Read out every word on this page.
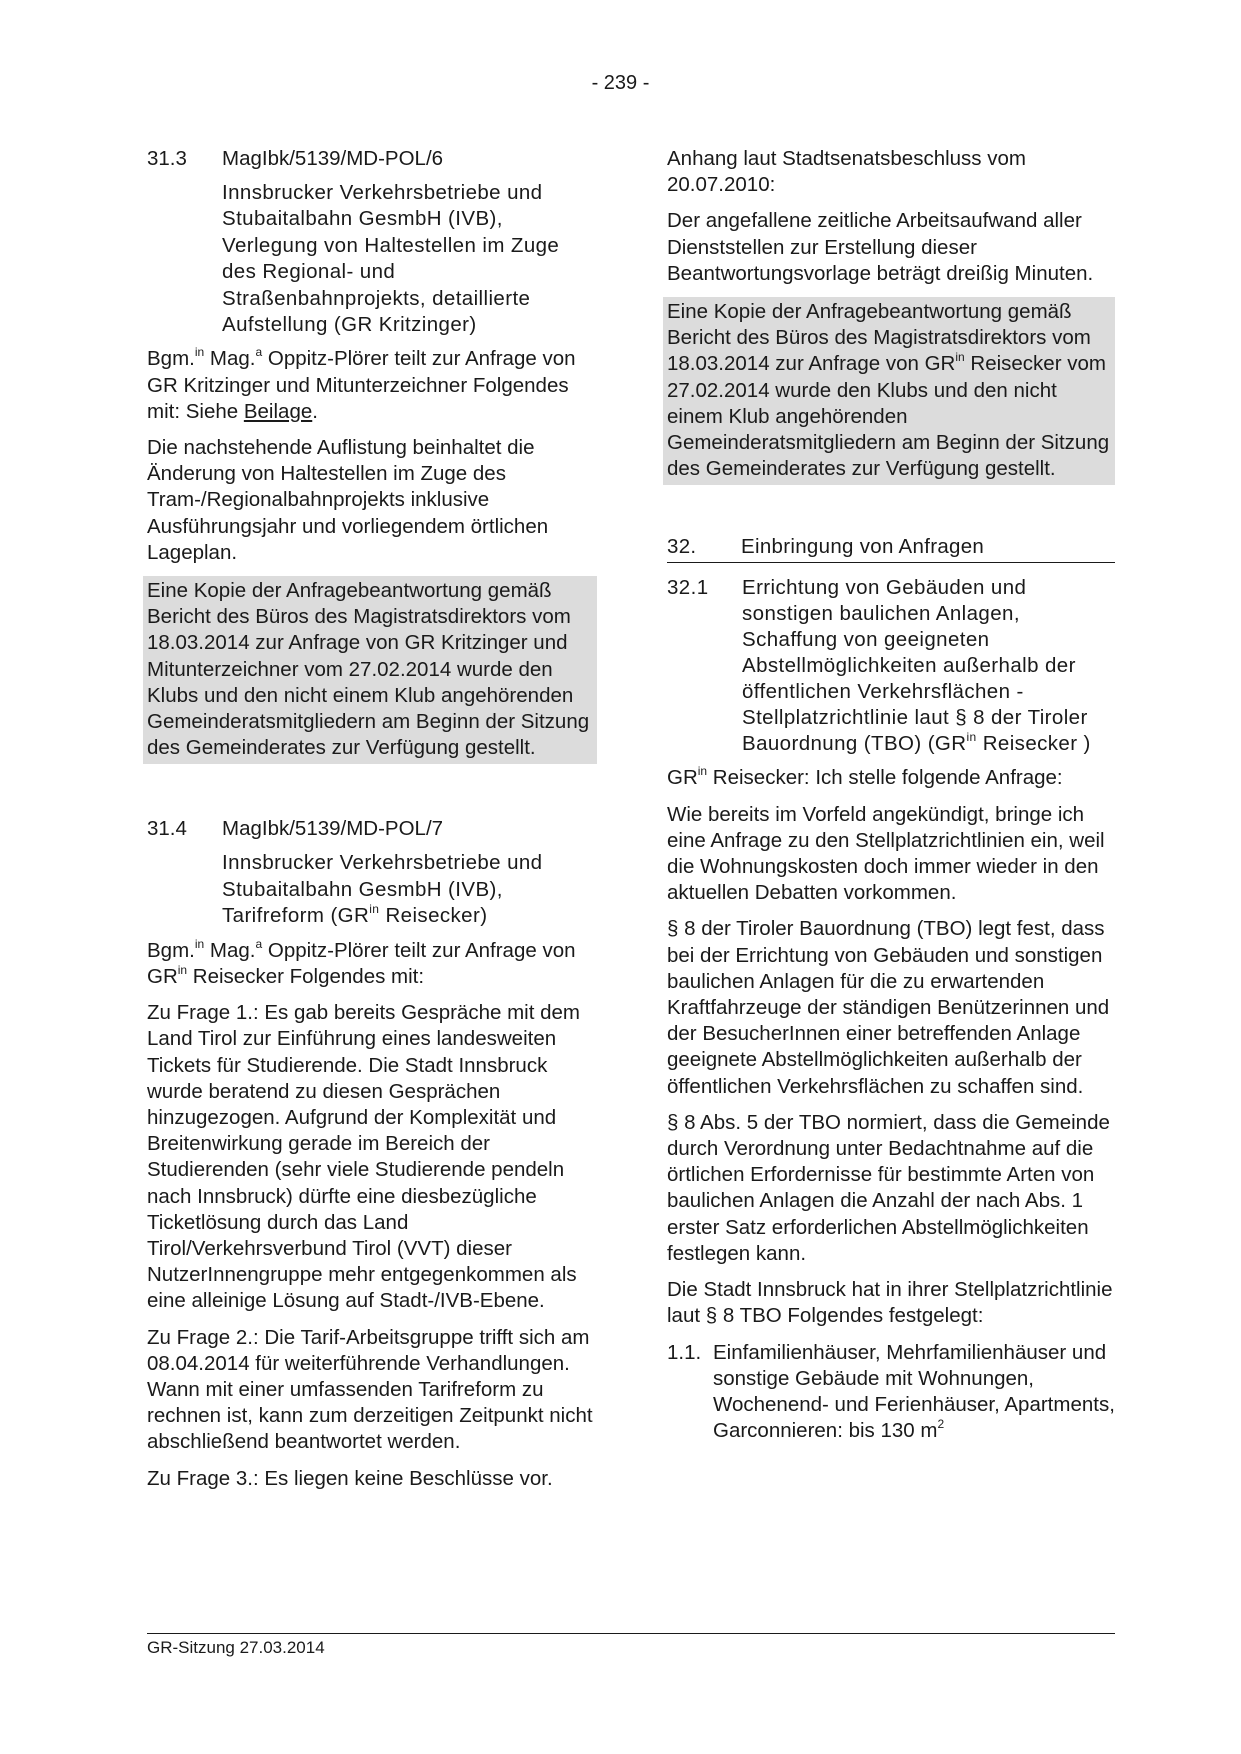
- 239 -
31.3	MagIbk/5139/MD-POL/6
Innsbrucker Verkehrsbetriebe und Stubaitalbahn GesmbH (IVB), Verlegung von Haltestellen im Zuge des Regional- und Straßenbahnprojekts, detaillierte Aufstellung (GR Kritzinger)

Bgm.$^{in}$ Mag.$^a$ Oppitz-Plörer teilt zur Anfrage von GR Kritzinger und Mitunterzeichner Folgendes mit: Siehe Beilage.

Die nachstehende Auflistung beinhaltet die Änderung von Haltestellen im Zuge des Tram-/Regionalbahnprojekts inklusive Ausführungsjahr und vorliegendem örtlichen Lageplan.

Eine Kopie der Anfragebeantwortung gemäß Bericht des Büros des Magistratsdirektors vom 18.03.2014 zur Anfrage von GR Kritzinger und Mitunterzeichner vom 27.02.2014 wurde den Klubs und den nicht einem Klub angehörenden Gemeinderatsmitgliedern am Beginn der Sitzung des Gemeinderates zur Verfügung gestellt.
31.4	MagIbk/5139/MD-POL/7
Innsbrucker Verkehrsbetriebe und Stubaitalbahn GesmbH (IVB), Tarifreform ($GR^{in}$ Reisecker)

Bgm.$^{in}$ Mag.$^a$ Oppitz-Plörer teilt zur Anfrage von $GR^{in}$ Reisecker Folgendes mit:

Zu Frage 1.: Es gab bereits Gespräche mit dem Land Tirol zur Einführung eines landesweiten Tickets für Studierende. Die Stadt Innsbruck wurde beratend zu diesen Gesprächen hinzugezogen. Aufgrund der Komplexität und Breitenwirkung gerade im Bereich der Studierenden (sehr viele Studierende pendeln nach Innsbruck) dürfte eine diesbezügliche Ticketlösung durch das Land Tirol/Verkehrsverbund Tirol (VVT) dieser NutzerInnengruppe mehr entgegenkommen als eine alleinige Lösung auf Stadt-/IVB-Ebene.

Zu Frage 2.: Die Tarif-Arbeitsgruppe trifft sich am 08.04.2014 für weiterführende Verhandlungen. Wann mit einer umfassenden Tarifreform zu rechnen ist, kann zum derzeitigen Zeitpunkt nicht abschließend beantwortet werden.

Zu Frage 3.: Es liegen keine Beschlüsse vor.

Anhang laut Stadtsenatsbeschluss vom 20.07.2010:

Der angefallene zeitliche Arbeitsaufwand aller Dienststellen zur Erstellung dieser Beantwortungsvorlage beträgt dreißig Minuten.

Eine Kopie der Anfragebeantwortung gemäß Bericht des Büros des Magistratsdirektors vom 18.03.2014 zur Anfrage von $GR^{in}$ Reisecker vom 27.02.2014 wurde den Klubs und den nicht einem Klub angehörenden Gemeinderatsmitgliedern am Beginn der Sitzung des Gemeinderates zur Verfügung gestellt.
32.	Einbringung von Anfragen
32.1	Errichtung von Gebäuden und sonstigen baulichen Anlagen, Schaffung von geeigneten Abstellmöglichkeiten außerhalb der öffentlichen Verkehrsflächen - Stellplatzrichtlinie laut § 8 der Tiroler Bauordnung (TBO) ($GR^{in}$ Reisecker )

$GR^{in}$ Reisecker: Ich stelle folgende Anfrage:

Wie bereits im Vorfeld angekündigt, bringe ich eine Anfrage zu den Stellplatzrichtlinien ein, weil die Wohnungskosten doch immer wieder in den aktuellen Debatten vorkommen.

§ 8 der Tiroler Bauordnung (TBO) legt fest, dass bei der Errichtung von Gebäuden und sonstigen baulichen Anlagen für die zu erwartenden Kraftfahrzeuge der ständigen Benützerinnen und der BesucherInnen einer betreffenden Anlage geeignete Abstellmöglichkeiten außerhalb der öffentlichen Verkehrsflächen zu schaffen sind.

§ 8 Abs. 5 der TBO normiert, dass die Gemeinde durch Verordnung unter Bedachtnahme auf die örtlichen Erfordernisse für bestimmte Arten von baulichen Anlagen die Anzahl der nach Abs. 1 erster Satz erforderlichen Abstellmöglichkeiten festlegen kann.

Die Stadt Innsbruck hat in ihrer Stellplatzrichtlinie laut § 8 TBO Folgendes festgelegt:

1.1. Einfamilienhäuser, Mehrfamilienhäuser und sonstige Gebäude mit Wohnungen, Wochenend- und Ferienhäuser, Apartments, Garconnieren: bis 130 $m^2$
GR-Sitzung 27.03.2014
